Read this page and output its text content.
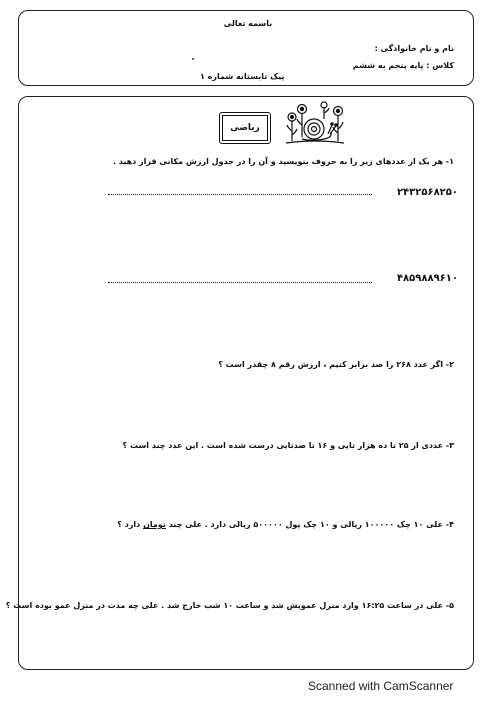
باسمه تعالی
نام و نام خانوادگی :
کلاس : پایه پنجم به ششم
پیک تابستانه شماره ۱
ریاضی
۱- هر یک از عددهای زیر را به حروف بنویسید و آن را در جدول ارزش مکانی قرار دهید .
۲۴۳۲۵۶۸۲۵۰
۴۸۵۹۸۸۹۶۱۰
۲- اگر عدد ۲۶۸ را صد برابر کنیم ، ارزش رقم ۸ چقدر است ؟
۳- عددی از ۲۵ تا ده هزار تایی و ۱۶ تا صدتایی درست شده است . این عدد چند است ؟
۴- علی ۱۰ چک ۱۰۰۰۰۰ ریالی و ۱۰ چک پول ۵۰۰۰۰۰ ریالی دارد . علی چند تومان دارد ؟
۵- علی در ساعت ۱۶:۲۵ وارد منزل عمویش شد و ساعت ۱۰ شب خارج شد . علی چه مدت در منزل عمو بوده است ؟
Scanned with CamScanner
